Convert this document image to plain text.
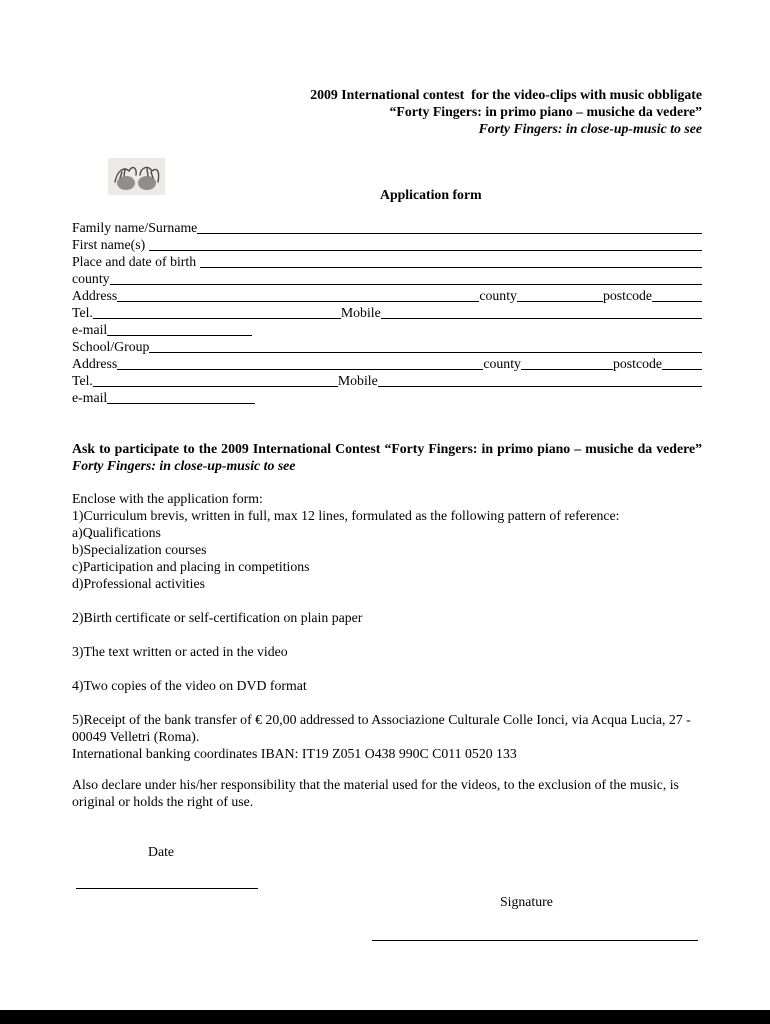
2009 International contest  for the video-clips with music obbligate
“Forty Fingers: in primo piano – musiche da vedere”
Forty Fingers: in close-up-music to see
Application form
Family name/Surname
First name(s)
Place and date of birth
county
Address	county	postcode
Tel.	Mobile
e-mail
School/Group
Address	county	postcode
Tel.	Mobile
e-mail

Ask to participate to the 2009 International Contest “Forty Fingers: in primo piano – musiche da vedere” Forty Fingers: in close-up-music to see

Enclose with the application form:
1)Curriculum brevis, written in full, max 12 lines, formulated as the following pattern of reference:
a)Qualifications
b)Specialization courses
c)Participation and placing in competitions
d)Professional activities
2)Birth certificate or self-certification on plain paper
3)The text written or acted in the video
4)Two copies of the video on DVD format
5)Receipt of the bank transfer of € 20,00 addressed to Associazione Culturale Colle Ionci, via Acqua Lucia, 27 - 00049 Velletri (Roma).
International banking coordinates IBAN: IT19 Z051 O438 990C C011 0520 133

Also declare under his/her responsibility that the material used for the videos, to the exclusion of the music, is original or holds the right of use.

Date
Signature
